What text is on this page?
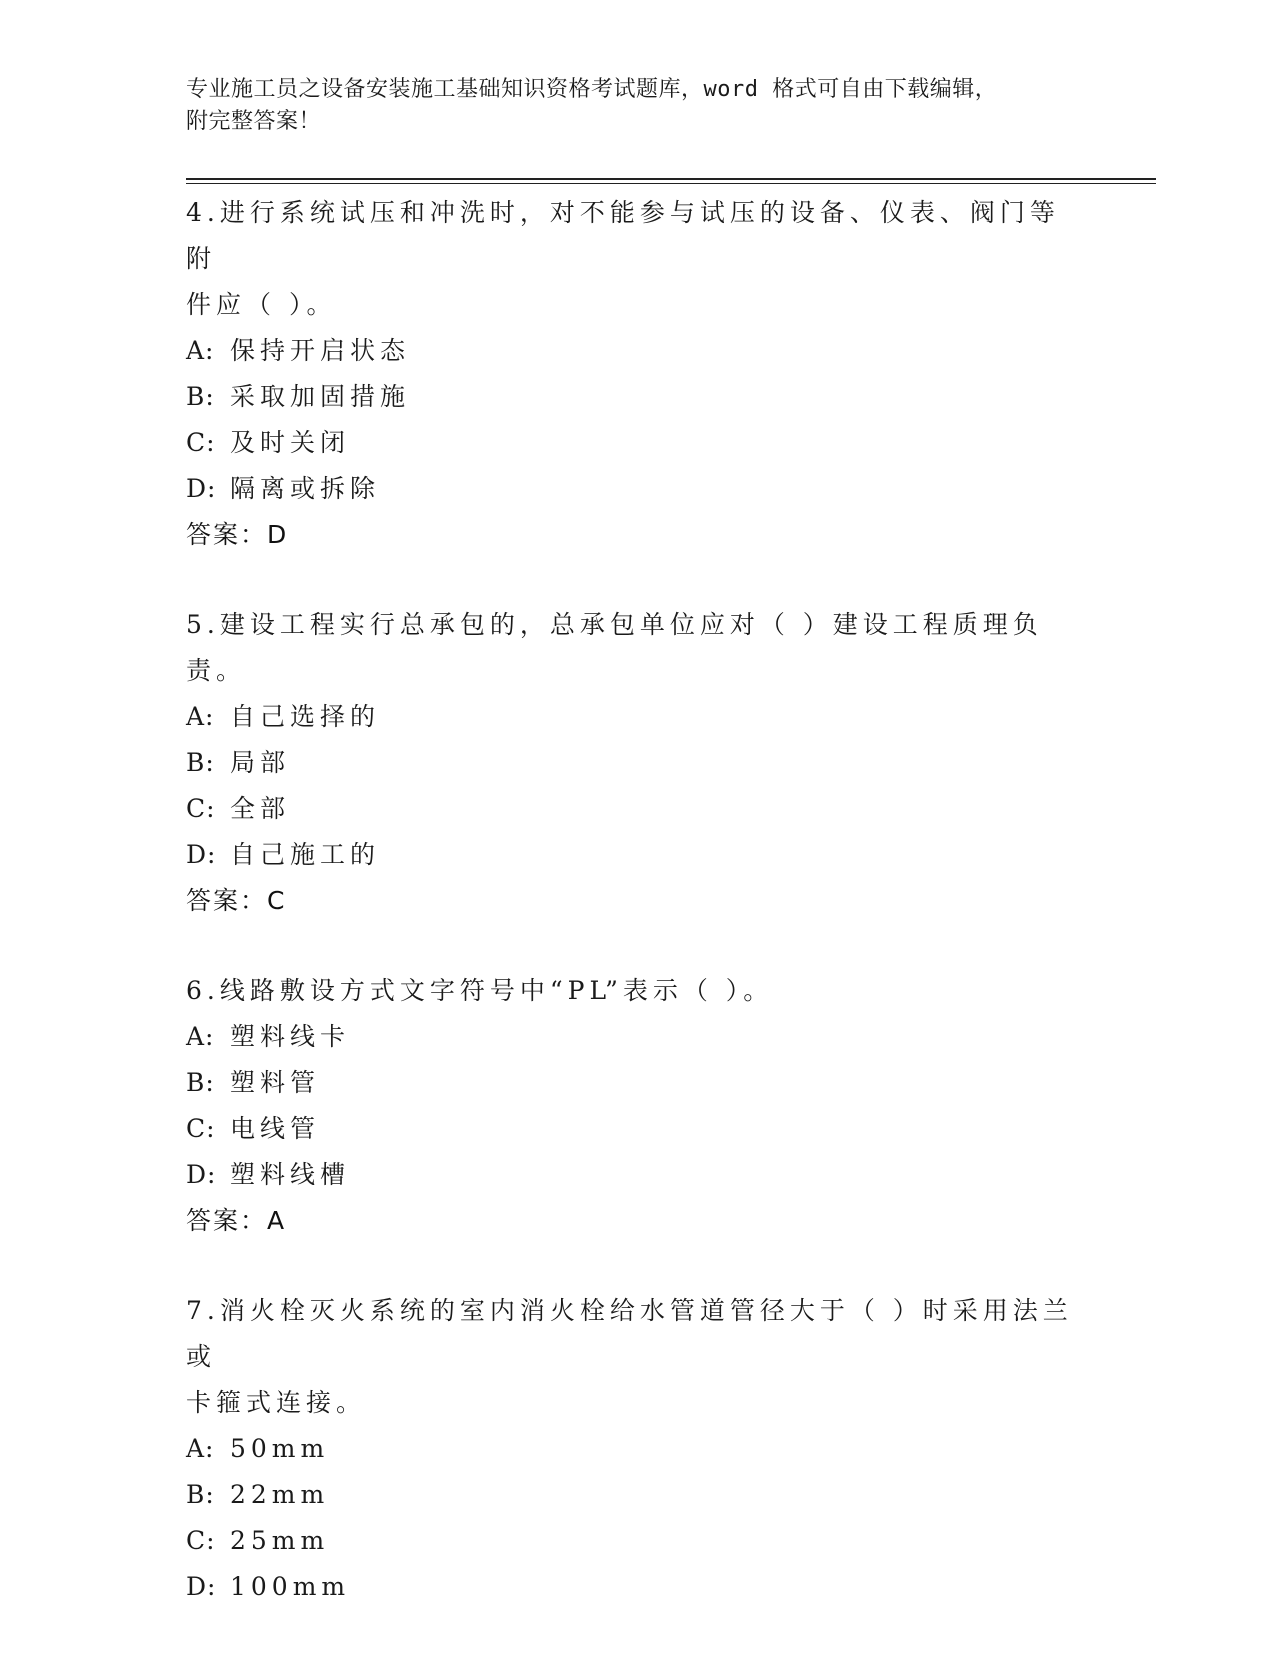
专业施工员之设备安装施工基础知识资格考试题库，word 格式可自由下载编辑，
附完整答案！
4.进行系统试压和冲洗时，对不能参与试压的设备、仪表、阀门等附
件应（ ）。
A: 保持开启状态
B: 采取加固措施
C: 及时关闭
D: 隔离或拆除
答案：D
5.建设工程实行总承包的，总承包单位应对（ ）建设工程质理负责。
A: 自己选择的
B: 局部
C: 全部
D: 自己施工的
答案：C
6.线路敷设方式文字符号中“PL”表示（ ）。
A: 塑料线卡
B: 塑料管
C: 电线管
D: 塑料线槽
答案：A
7.消火栓灭火系统的室内消火栓给水管道管径大于（ ）时采用法兰或
卡箍式连接。
A: 50mm
B: 22mm
C: 25mm
D: 100mm
